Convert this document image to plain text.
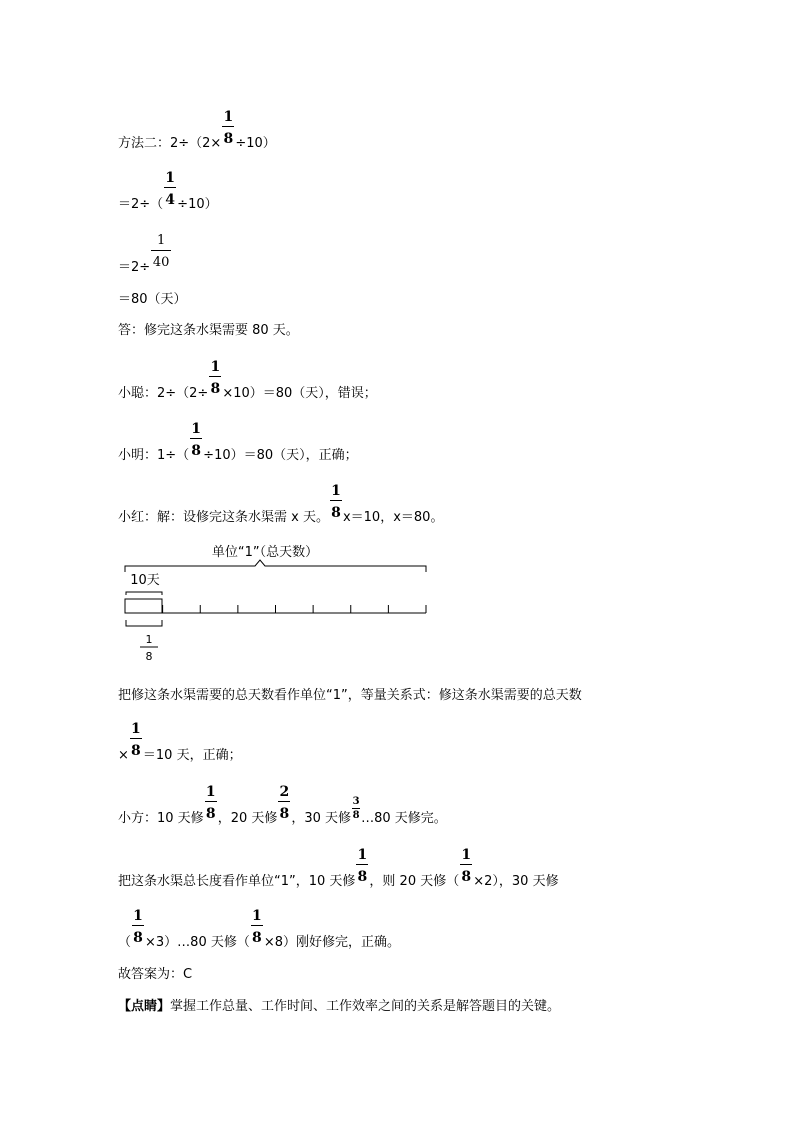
方法二：$2\div(2\times \frac{1}{8} \div 10)$
$=2\div( \frac{1}{4} \div 10)$
$=2\div \frac{1}{40}$
＝80（天）
答：修完这条水渠需要 80 天。
小聪：$2\div(2\div \frac{1}{8} \times 10)=80$（天），错误；
小明：$1\div( \frac{1}{8} \div 10)=80$（天），正确；
小红：解：设修完这条水渠需 x 天。 $\frac{1}{8} x=10$，x＝80。
单位“1”（总天数）
10天
1
8
把修这条水渠需要的总天数看作单位“1”，等量关系式：修这条水渠需要的总天数
× $\frac{1}{8} =10$ 天，正确；
小方：10 天修 $\frac{1}{8}$ ，20 天修 $\frac{2}{8}$ ，30 天修 $\frac{3}{8}$ …80 天修完。
把这条水渠总长度看作单位“1”，10 天修 $\frac{1}{8}$ ，则 20 天修（ $\frac{1}{8} \times 2$），30 天修
（ $\frac{1}{8}$ ×3）…80 天修（ $\frac{1}{8} \times 8$）刚好修完，正确。
故答案为：C
【点睛】掌握工作总量、工作时间、工作效率之间的关系是解答题目的关键。
